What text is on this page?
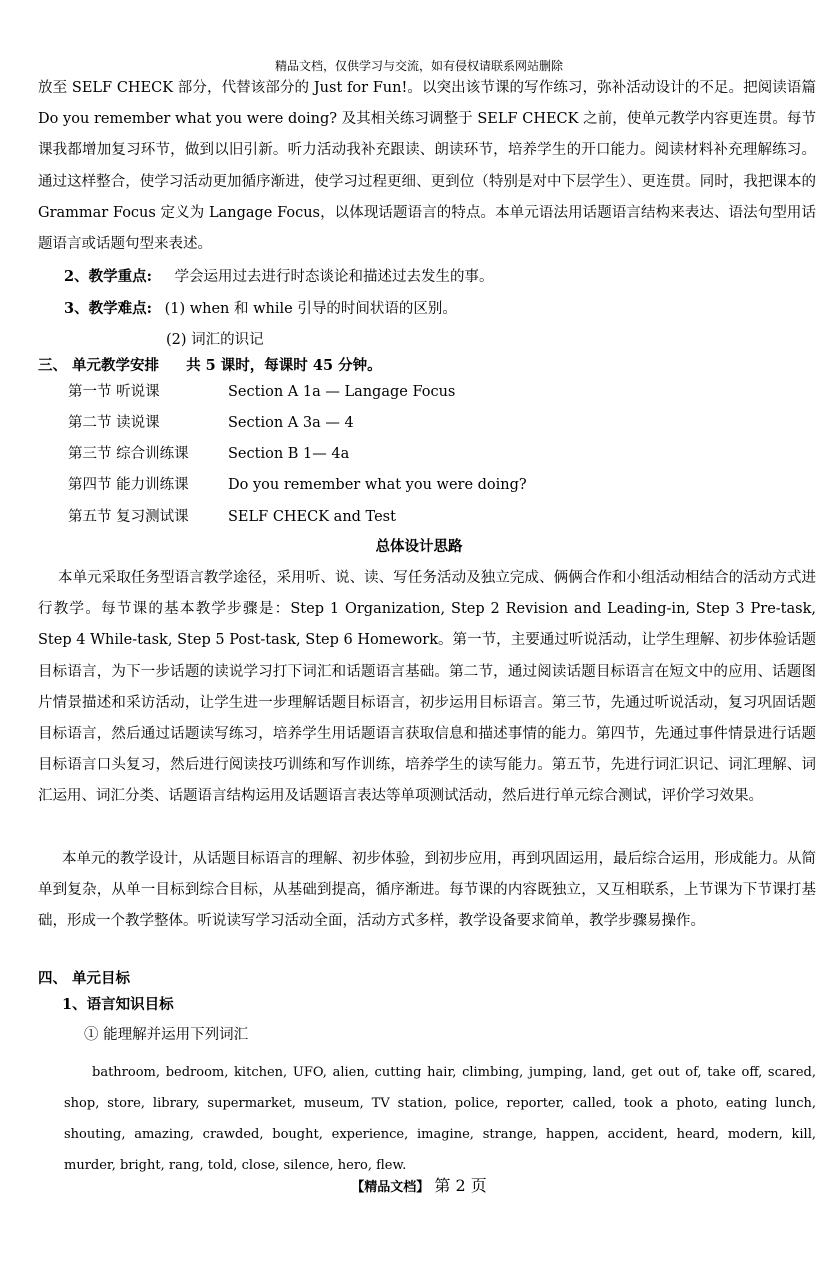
精品文档，仅供学习与交流，如有侵权请联系网站删除
放至 SELF CHECK 部分，代替该部分的 Just for Fun!。以突出该节课的写作练习，弥补活动设计的不足。把阅读语篇 Do you remember what you were doing? 及其相关练习调整于 SELF CHECK 之前，使单元教学内容更连贯。每节课我都增加复习环节，做到以旧引新。听力活动我补充跟读、朗读环节，培养学生的开口能力。阅读材料补充理解练习。通过这样整合，使学习活动更加循序渐进，使学习过程更细、更到位（特别是对中下层学生）、更连贯。同时，我把课本的 Grammar Focus 定义为 Langage Focus，以体现话题语言的特点。本单元语法用话题语言结构来表达、语法句型用话题语言或话题句型来表述。
2、教学重点: 学会运用过去进行时态谈论和描述过去发生的事。
3、教学难点: (1) when 和 while 引导的时间状语的区别。
(2) 词汇的识记
三、 单元教学安排 共 5 课时，每课时 45 分钟。
第一节 听说课	Section A 1a — Langage Focus
第二节 读说课	Section A 3a — 4
第三节 综合训练课	Section B 1— 4a
第四节 能力训练课	Do you remember what you were doing?
第五节 复习测试课	SELF CHECK and Test
总体设计思路
本单元采取任务型语言教学途径，采用听、说、读、写任务活动及独立完成、俩俩合作和小组活动相结合的活动方式进行教学。每节课的基本教学步骤是：Step 1 Organization, Step 2 Revision and Leading-in, Step 3 Pre-task, Step 4 While-task, Step 5 Post-task, Step 6 Homework。第一节，主要通过听说活动，让学生理解、初步体验话题目标语言，为下一步话题的读说学习打下词汇和话题语言基础。第二节，通过阅读话题目标语言在短文中的应用、话题图片情景描述和采访活动，让学生进一步理解话题目标语言，初步运用目标语言。第三节，先通过听说活动，复习巩固话题目标语言，然后通过话题读写练习，培养学生用话题语言获取信息和描述事情的能力。第四节，先通过事件情景进行话题目标语言口头复习，然后进行阅读技巧训练和写作训练，培养学生的读写能力。第五节，先进行词汇识记、词汇理解、词汇运用、词汇分类、话题语言结构运用及话题语言表达等单项测试活动，然后进行单元综合测试，评价学习效果。
本单元的教学设计，从话题目标语言的理解、初步体验，到初步应用，再到巩固运用，最后综合运用，形成能力。从简单到复杂，从单一目标到综合目标，从基础到提高，循序渐进。每节课的内容既独立，又互相联系，上节课为下节课打基础，形成一个教学整体。听说读写学习活动全面，活动方式多样，教学设备要求简单，教学步骤易操作。
四、 单元目标
1、语言知识目标
① 能理解并运用下列词汇
bathroom, bedroom, kitchen, UFO, alien, cutting hair, climbing, jumping, land, get out of, take off, scared, shop, store, library, supermarket, museum, TV station, police, reporter, called, took a photo, eating lunch, shouting, amazing, crawded, bought, experience, imagine, strange, happen, accident, heard, modern, kill, murder, bright, rang, told, close, silence, hero, flew.
【精品文档】 第 2 页
